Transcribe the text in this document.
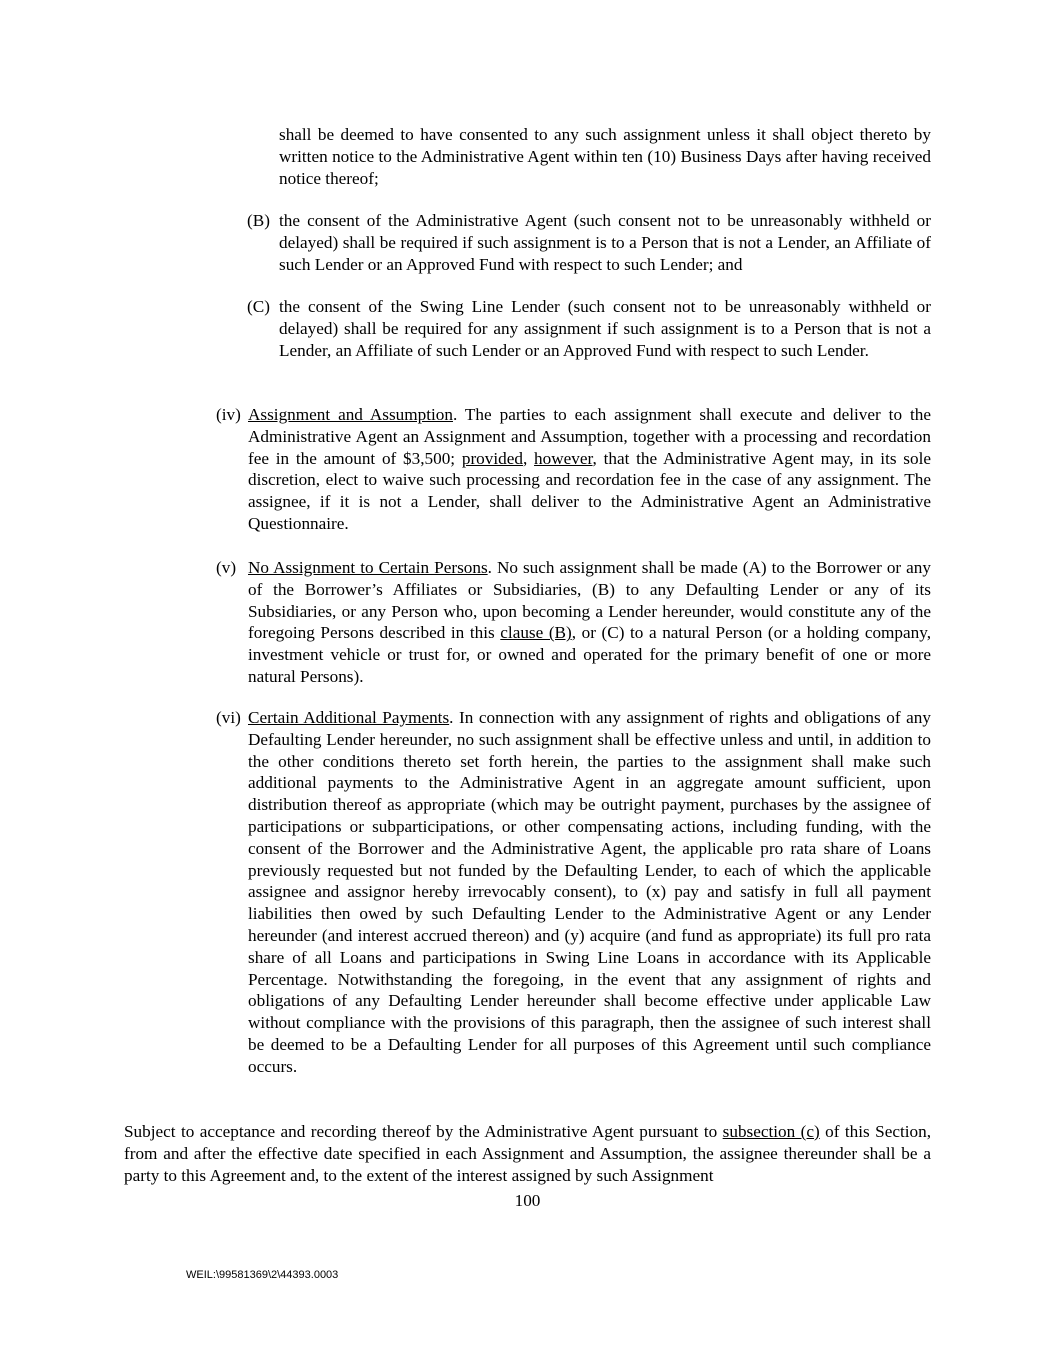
shall be deemed to have consented to any such assignment unless it shall object thereto by written notice to the Administrative Agent within ten (10) Business Days after having received notice thereof;

(B) the consent of the Administrative Agent (such consent not to be unreasonably withheld or delayed) shall be required if such assignment is to a Person that is not a Lender, an Affiliate of such Lender or an Approved Fund with respect to such Lender; and

(C) the consent of the Swing Line Lender (such consent not to be unreasonably withheld or delayed) shall be required for any assignment if such assignment is to a Person that is not a Lender, an Affiliate of such Lender or an Approved Fund with respect to such Lender.

(iv) Assignment and Assumption. The parties to each assignment shall execute and deliver to the Administrative Agent an Assignment and Assumption, together with a processing and recordation fee in the amount of $3,500; provided, however, that the Administrative Agent may, in its sole discretion, elect to waive such processing and recordation fee in the case of any assignment. The assignee, if it is not a Lender, shall deliver to the Administrative Agent an Administrative Questionnaire.

(v) No Assignment to Certain Persons. No such assignment shall be made (A) to the Borrower or any of the Borrower’s Affiliates or Subsidiaries, (B) to any Defaulting Lender or any of its Subsidiaries, or any Person who, upon becoming a Lender hereunder, would constitute any of the foregoing Persons described in this clause (B), or (C) to a natural Person (or a holding company, investment vehicle or trust for, or owned and operated for the primary benefit of one or more natural Persons).

(vi) Certain Additional Payments. In connection with any assignment of rights and obligations of any Defaulting Lender hereunder, no such assignment shall be effective unless and until, in addition to the other conditions thereto set forth herein, the parties to the assignment shall make such additional payments to the Administrative Agent in an aggregate amount sufficient, upon distribution thereof as appropriate (which may be outright payment, purchases by the assignee of participations or subparticipations, or other compensating actions, including funding, with the consent of the Borrower and the Administrative Agent, the applicable pro rata share of Loans previously requested but not funded by the Defaulting Lender, to each of which the applicable assignee and assignor hereby irrevocably consent), to (x) pay and satisfy in full all payment liabilities then owed by such Defaulting Lender to the Administrative Agent or any Lender hereunder (and interest accrued thereon) and (y) acquire (and fund as appropriate) its full pro rata share of all Loans and participations in Swing Line Loans in accordance with its Applicable Percentage. Notwithstanding the foregoing, in the event that any assignment of rights and obligations of any Defaulting Lender hereunder shall become effective under applicable Law without compliance with the provisions of this paragraph, then the assignee of such interest shall be deemed to be a Defaulting Lender for all purposes of this Agreement until such compliance occurs.

Subject to acceptance and recording thereof by the Administrative Agent pursuant to subsection (c) of this Section, from and after the effective date specified in each Assignment and Assumption, the assignee thereunder shall be a party to this Agreement and, to the extent of the interest assigned by such Assignment

100
WEIL:\99581369\2\44393.0003
